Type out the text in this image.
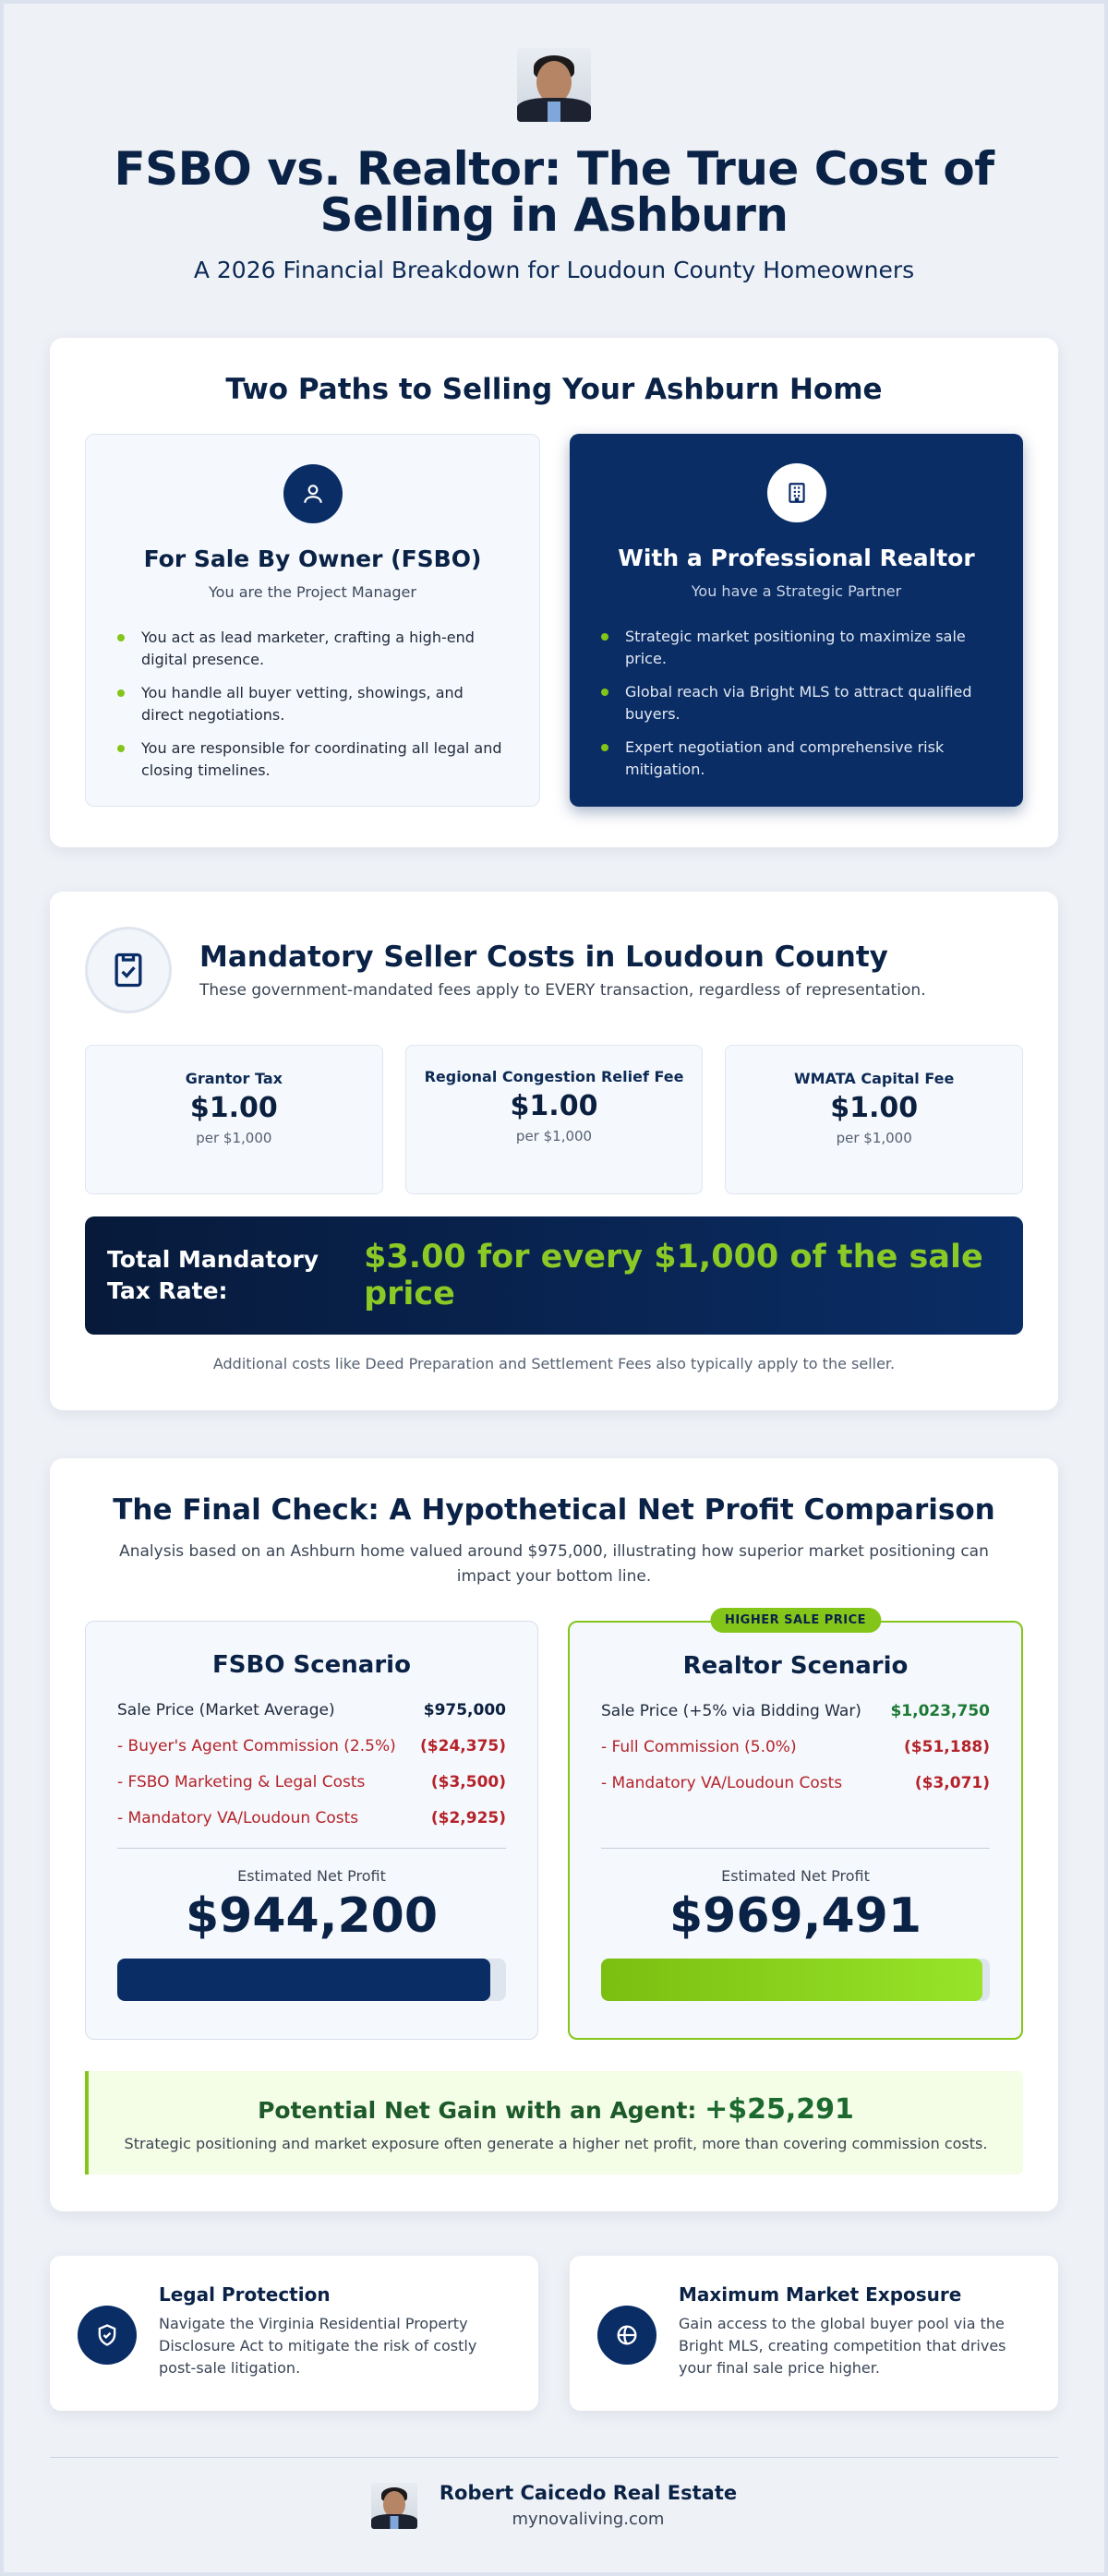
FSBO vs. Realtor: The True Cost of Selling in Ashburn
A 2026 Financial Breakdown for Loudoun County Homeowners
Two Paths to Selling Your Ashburn Home
For Sale By Owner (FSBO)
You are the Project Manager
You act as lead marketer, crafting a high-end digital presence.
You handle all buyer vetting, showings, and direct negotiations.
You are responsible for coordinating all legal and closing timelines.
With a Professional Realtor
You have a Strategic Partner
Strategic market positioning to maximize sale price.
Global reach via Bright MLS to attract qualified buyers.
Expert negotiation and comprehensive risk mitigation.
Mandatory Seller Costs in Loudoun County

These government-mandated fees apply to EVERY transaction, regardless of representation.

Grantor Tax
$1.00
per $1,000
Regional Congestion Relief Fee
$1.00
per $1,000
WMATA Capital Fee
$1.00
per $1,000
Total Mandatory Tax Rate:
$3.00 for every $1,000 of the sale price
Additional costs like Deed Preparation and Settlement Fees also typically apply to the seller.
The Final Check: A Hypothetical Net Profit Comparison
Analysis based on an Ashburn home valued around $975,000, illustrating how superior market positioning can impact your bottom line.
FSBO Scenario
Sale Price (Market Average)	$975,000
- Buyer's Agent Commission (2.5%) ($24,375)
- FSBO Marketing & Legal Costs	($3,500)
- Mandatory VA/Loudoun Costs	($2,925)
Estimated Net Profit
$944,200
HIGHER SALE PRICE
Realtor Scenario
Sale Price (+5% via Bidding War) $1,023,750
- Full Commission (5.0%)	($51,188)
- Mandatory VA/Loudoun Costs	($3,071)
Estimated Net Profit
$969,491
Potential Net Gain with an Agent: +$25,291
Strategic positioning and market exposure often generate a higher net profit, more than covering commission costs.
Legal Protection

Navigate the Virginia Residential Property Disclosure Act to mitigate the risk of costly post-sale litigation.

Maximum Market Exposure

Gain access to the global buyer pool via the Bright MLS, creating competition that drives your final sale price higher.

Robert Caicedo Real Estate
mynovaliving.com
